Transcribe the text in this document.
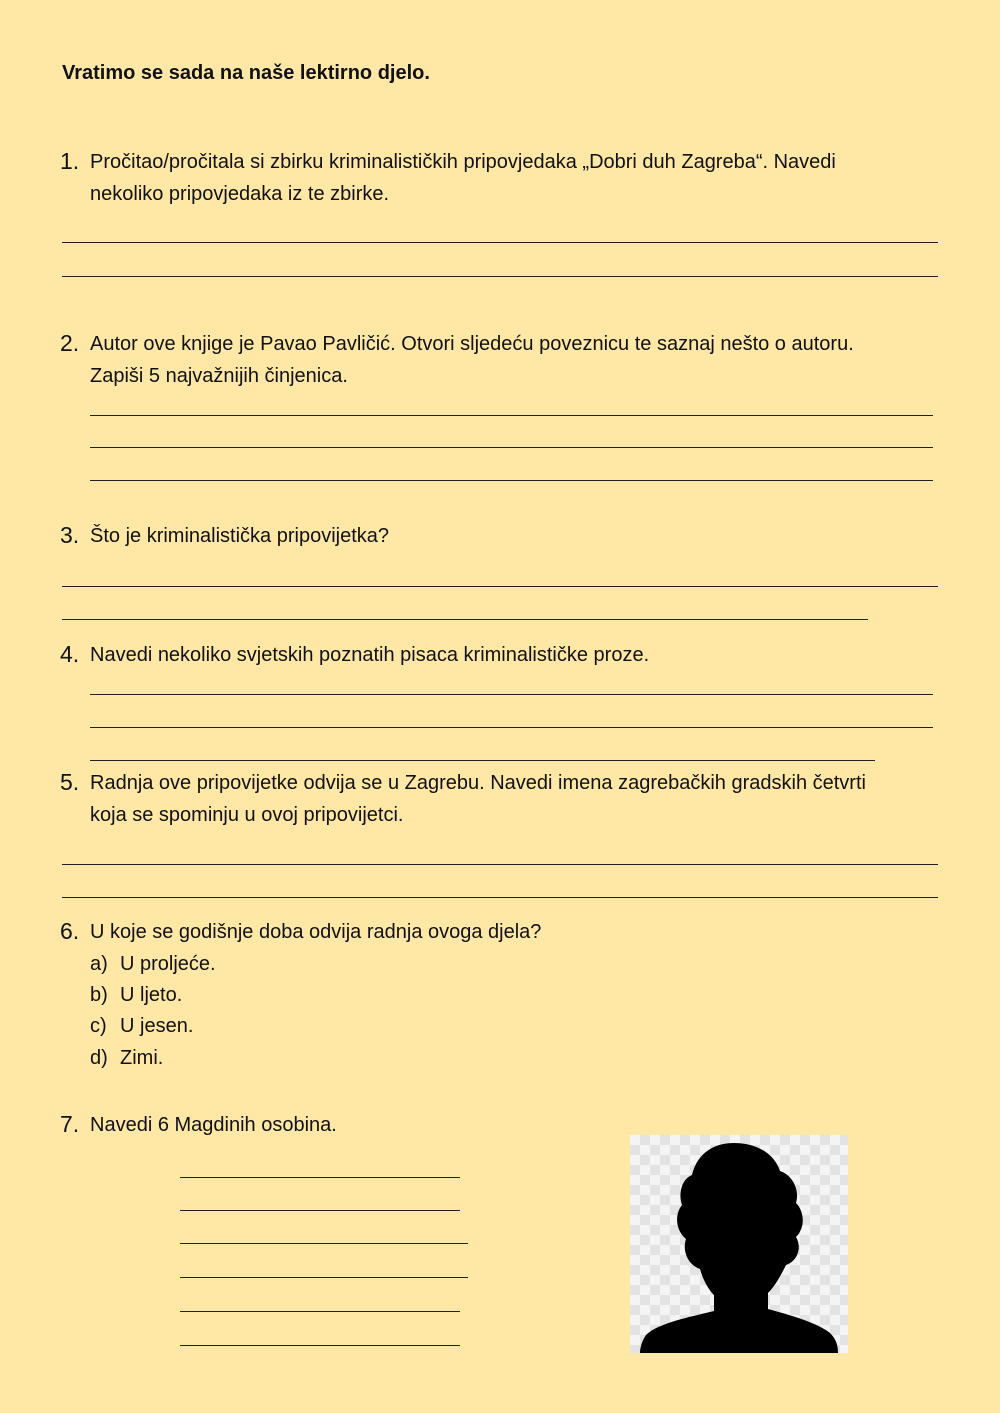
Vratimo se sada na naše lektirno djelo.
1. Pročitao/pročitala si zbirku kriminalističkih pripovjedaka „Dobri duh Zagreba“. Navedi
nekoliko pripovjedaka iz te zbirke.
2. Autor ove knjige je Pavao Pavličić. Otvori sljedeću poveznicu te saznaj nešto o autoru.
Zapiši 5 najvažnijih činjenica.
3. Što je kriminalistička pripovijetka?
4. Navedi nekoliko svjetskih poznatih pisaca kriminalističke proze.
5. Radnja ove pripovijetke odvija se u Zagrebu. Navedi imena zagrebačkih gradskih četvrti
koja se spominju u ovoj pripovijetci.
6. U koje se godišnje doba odvija radnja ovoga djela?
a) U proljeće.
b) U ljeto.
c) U jesen.
d) Zimi.
7. Navedi 6 Magdinih osobina.
